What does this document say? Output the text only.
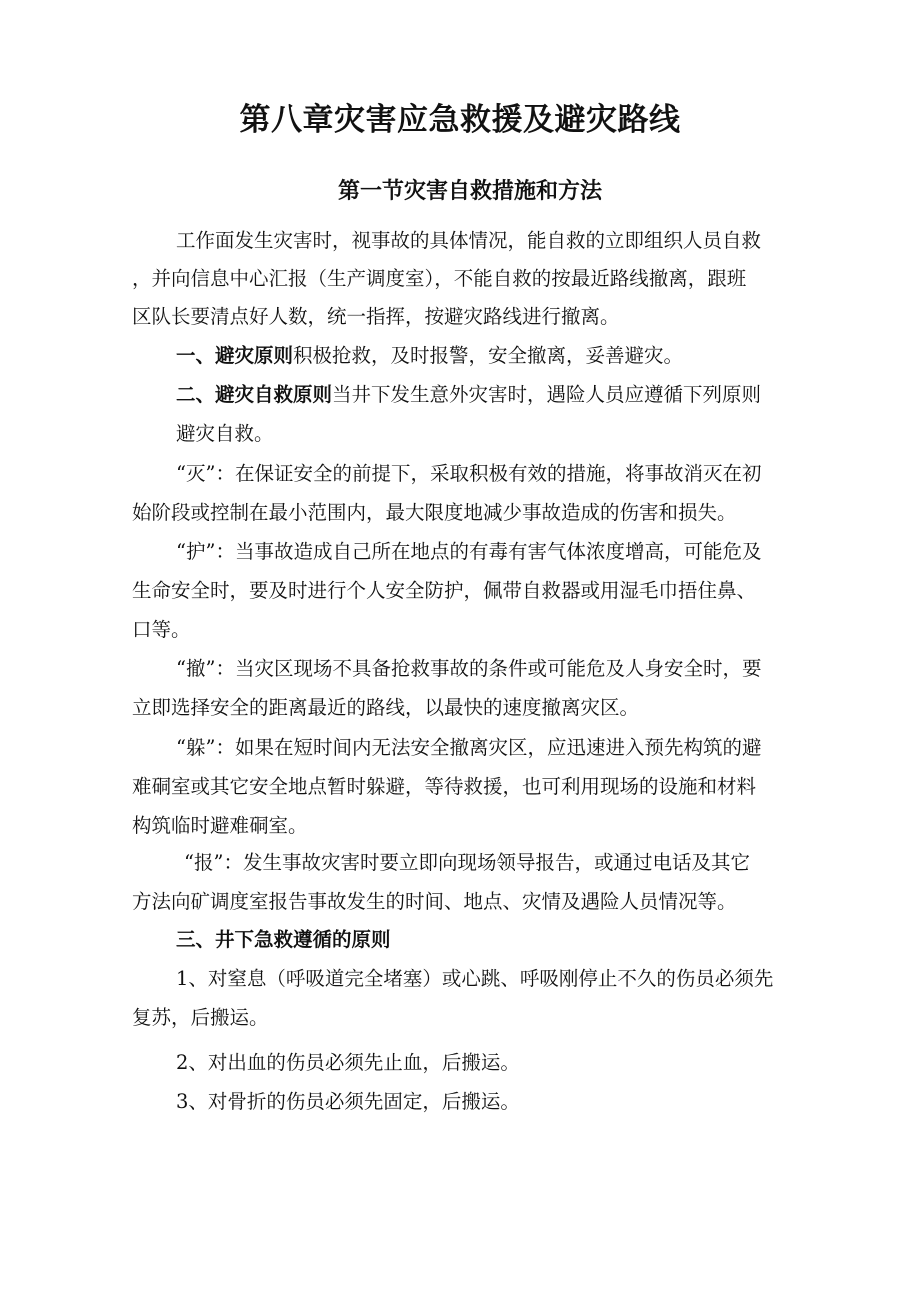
第八章灾害应急救援及避灾路线
第一节灾害自救措施和方法
工作面发生灾害时，视事故的具体情况，能自救的立即组织人员自救
，并向信息中心汇报（生产调度室），不能自救的按最近路线撤离，跟班
区队长要清点好人数，统一指挥，按避灾路线进行撤离。
一、避灾原则积极抢救，及时报警，安全撤离，妥善避灾。
二、避灾自救原则当井下发生意外灾害时，遇险人员应遵循下列原则
避灾自救。
“灭”：在保证安全的前提下，采取积极有效的措施，将事故消灭在初
始阶段或控制在最小范围内，最大限度地减少事故造成的伤害和损失。
“护”：当事故造成自己所在地点的有毒有害气体浓度增高，可能危及
生命安全时，要及时进行个人安全防护，佩带自救器或用湿毛巾捂住鼻、
口等。
“撤”：当灾区现场不具备抢救事故的条件或可能危及人身安全时，要
立即选择安全的距离最近的路线，以最快的速度撤离灾区。
“躲”：如果在短时间内无法安全撤离灾区，应迅速进入预先构筑的避
难硐室或其它安全地点暂时躲避，等待救援，也可利用现场的设施和材料
构筑临时避难硐室。
“报”：发生事故灾害时要立即向现场领导报告，或通过电话及其它
方法向矿调度室报告事故发生的时间、地点、灾情及遇险人员情况等。
三、井下急救遵循的原则
1、对窒息（呼吸道完全堵塞）或心跳、呼吸刚停止不久的伤员必须先
复苏，后搬运。
2、对出血的伤员必须先止血，后搬运。
3、对骨折的伤员必须先固定，后搬运。
